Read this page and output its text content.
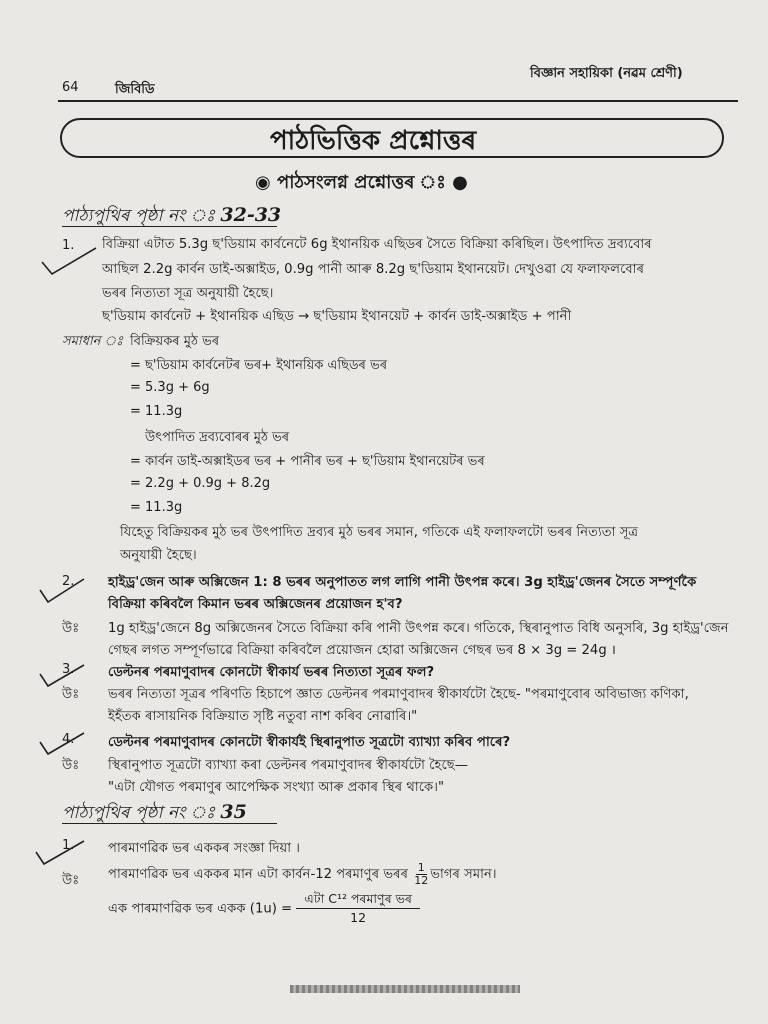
64	জিবিডি
বিজ্ঞান সহায়িকা (নৱম শ্ৰেণী)
পাঠভিত্তিক প্ৰশ্নোত্তৰ
◉ পাঠসংলগ্ন প্ৰশ্নোত্তৰ ঃ ●
পাঠ্যপুথিৰ পৃষ্ঠা নং ঃ 32-33
1. বিক্ৰিয়া এটাত 5.3g ছ'ডিয়াম কাৰ্বনেটে 6g ইথানয়িক এছিডৰ সৈতে বিক্ৰিয়া কৰিছিল। উৎপাদিত দ্ৰব্যবোৰ
আছিল 2.2g কাৰ্বন ডাই-অক্সাইড, 0.9g পানী আৰু 8.2g ছ'ডিয়াম ইথানয়েট। দেখুওৱা যে ফলাফলবোৰ
ভৰৰ নিত্যতা সূত্ৰ অনুযায়ী হৈছে।
ছ'ডিয়াম কাৰ্বনেট + ইথানয়িক এছিড → ছ'ডিয়াম ইথানয়েট + কাৰ্বন ডাই-অক্সাইড + পানী
সমাধান ঃ বিক্ৰিয়কৰ মুঠ ভৰ
= ছ'ডিয়াম কাৰ্বনেটৰ ভৰ+ ইথানয়িক এছিডৰ ভৰ
= 5.3g + 6g
= 11.3g
উৎপাদিত দ্ৰব্যবোৰৰ মুঠ ভৰ
= কাৰ্বন ডাই-অক্সাইডৰ ভৰ + পানীৰ ভৰ + ছ'ডিয়াম ইথানয়েটৰ ভৰ
= 2.2g + 0.9g + 8.2g
= 11.3g
যিহেতু বিক্ৰিয়কৰ মুঠ ভৰ উৎপাদিত দ্ৰব্যৰ মুঠ ভৰৰ সমান, গতিকে এই ফলাফলটো ভৰৰ নিত্যতা সূত্ৰ
অনুযায়ী হৈছে।
2.	হাইড্ৰ'জেন আৰু অক্সিজেন 1: 8 ভৰৰ অনুপাতত লগ লাগি পানী উৎপন্ন কৰে। 3g হাইড্ৰ'জেনৰ সৈতে সম্পূৰ্ণকৈ
বিক্ৰিয়া কৰিবলৈ কিমান ভৰৰ অক্সিজেনৰ প্ৰয়োজন হ'ব?
উঃ 1g হাইড্ৰ'জেনে 8g অক্সিজেনৰ সৈতে বিক্ৰিয়া কৰি পানী উৎপন্ন কৰে। গতিকে, স্থিৰানুপাত বিধি অনুসৰি, 3g হাইড্ৰ'জেন
গেছৰ লগত সম্পূৰ্ণভাৱে বিক্ৰিয়া কৰিবলৈ প্ৰয়োজন হোৱা অক্সিজেন গেছৰ ভৰ 8 × 3g = 24g ।
3.	ডেল্টনৰ পৰমাণুবাদৰ কোনটো স্বীকাৰ্য ভৰৰ নিত্যতা সূত্ৰৰ ফল?
উঃ ভৰৰ নিত্যতা সূত্ৰৰ পৰিণতি হিচাপে জ্ঞাত ডেল্টনৰ পৰমাণুবাদৰ স্বীকাৰ্যটো হৈছে- "পৰমাণুবোৰ অবিভাজ্য কণিকা,
ইহঁতক ৰাসায়নিক বিক্ৰিয়াত সৃষ্টি নতুবা নাশ কৰিব নোৱাৰি।"
4.	ডেল্টনৰ পৰমাণুবাদৰ কোনটো স্বীকাৰ্যই স্থিৰানুপাত সূত্ৰটো ব্যাখ্যা কৰিব পাৰে?
উঃ স্থিৰানুপাত সূত্ৰটো ব্যাখ্যা কৰা ডেল্টনৰ পৰমাণুবাদৰ স্বীকাৰ্যটো হৈছে—
"এটা যৌগত পৰমাণুৰ আপেক্ষিক সংখ্যা আৰু প্ৰকাৰ স্থিৰ থাকে।"
পাঠ্যপুথিৰ পৃষ্ঠা নং ঃ 35
1.	পাৰমাণৱিক ভৰ এককৰ সংজ্ঞা দিয়া ।
উঃ পাৰমাণৱিক ভৰ এককৰ মান এটা কাৰ্বন-12 পৰমাণুৰ ভৰৰ $\frac{1}{12}$ ভাগৰ সমান।
এক পাৰমাণৱিক ভৰ একক (1u) =
এটা C¹² পৰমাণুৰ ভৰ
12
